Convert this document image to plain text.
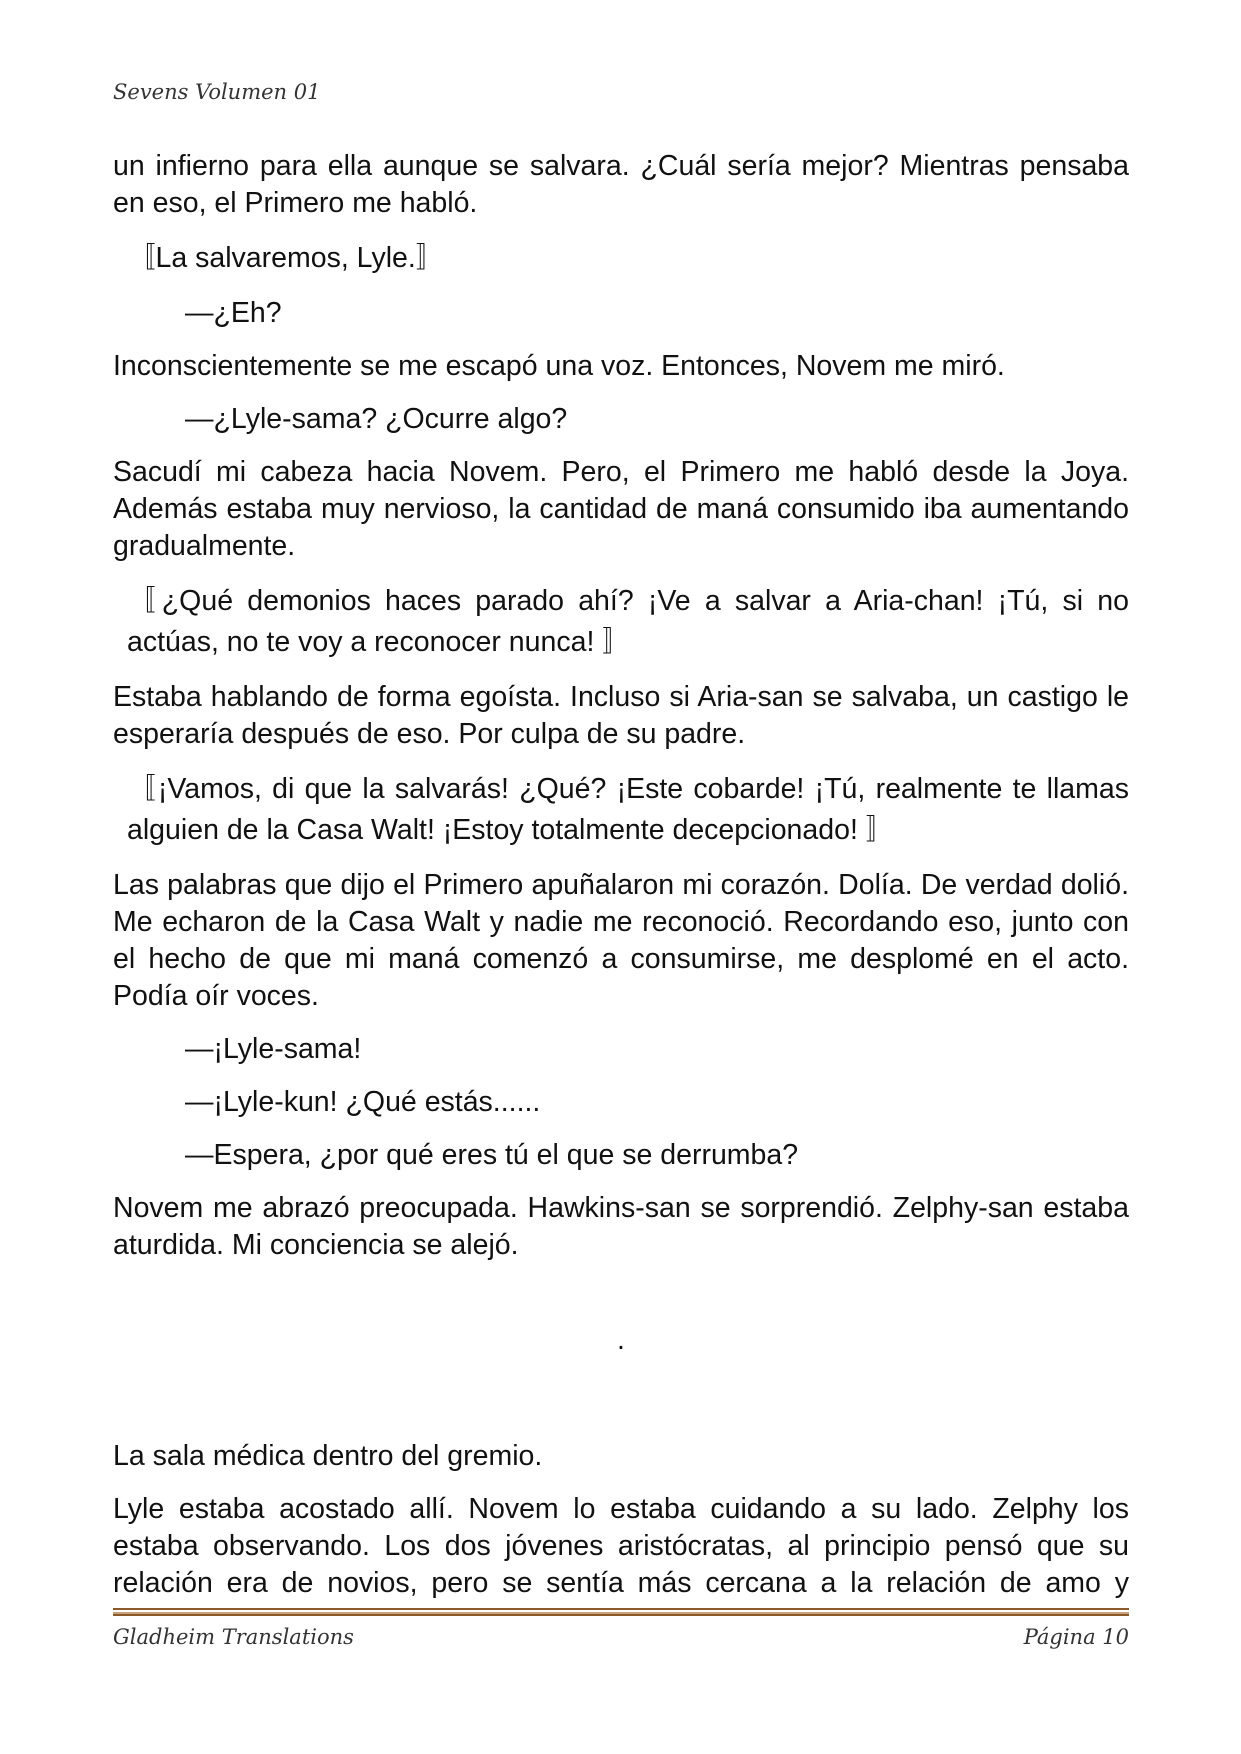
Sevens Volumen 01

un infierno para ella aunque se salvara. ¿Cuál sería mejor? Mientras pensaba en eso, el Primero me habló.

〚La salvaremos, Lyle.〛

—¿Eh?

Inconscientemente se me escapó una voz. Entonces, Novem me miró.

—¿Lyle-sama? ¿Ocurre algo?

Sacudí mi cabeza hacia Novem. Pero, el Primero me habló desde la Joya. Además estaba muy nervioso, la cantidad de maná consumido iba aumentando gradualmente.

〚¿Qué demonios haces parado ahí? ¡Ve a salvar a Aria-chan! ¡Tú, si no actúas, no te voy a reconocer nunca! 〛

Estaba hablando de forma egoísta. Incluso si Aria-san se salvaba, un castigo le esperaría después de eso. Por culpa de su padre.

〚¡Vamos, di que la salvarás! ¿Qué? ¡Este cobarde! ¡Tú, realmente te llamas alguien de la Casa Walt! ¡Estoy totalmente decepcionado! 〛

Las palabras que dijo el Primero apuñalaron mi corazón. Dolía. De verdad dolió. Me echaron de la Casa Walt y nadie me reconoció. Recordando eso, junto con el hecho de que mi maná comenzó a consumirse, me desplomé en el acto. Podía oír voces.

—¡Lyle-sama!

—¡Lyle-kun! ¿Qué estás......

—Espera, ¿por qué eres tú el que se derrumba?

Novem me abrazó preocupada. Hawkins-san se sorprendió. Zelphy-san estaba aturdida. Mi conciencia se alejó.

.

La sala médica dentro del gremio.

Lyle estaba acostado allí. Novem lo estaba cuidando a su lado. Zelphy los estaba observando. Los dos jóvenes aristócratas, al principio pensó que su relación era de novios, pero se sentía más cercana a la relación de amo y

Gladheim Translations	Página 10
